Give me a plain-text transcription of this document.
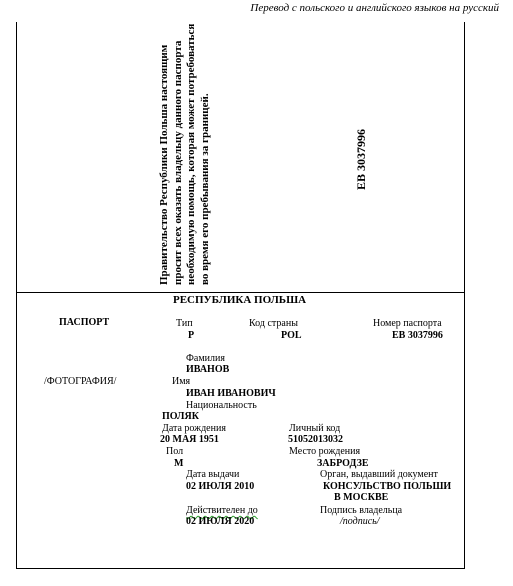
Перевод с польского и английского языков на русский
Правительство Республики Польша настоящим просит всех оказать владельцу данного паспорта необходимую помощь, которая может потребоваться во время его пребывания за границей.	EB 3037996
РЕСПУБЛИКА ПОЛЬША
ПАСПОРТ	Тип
P
Код страны
POL
Номер паспорта
EB 3037996
Фамилия
ИВАНОВ
/ФОТОГРАФИЯ/	Имя
ИВАН ИВАНОВИЧ
Национальность
ПОЛЯК
Дата рождения
20 МАЯ 1951
Личный код
51052013032
Пол
M
Место рождения
ЗАБРОДЗЕ
Дата выдачи
02 ИЮЛЯ 2010
Орган, выдавший документ
КОНСУЛЬСТВО ПОЛЬШИ
В МОСКВЕ
Действителен до
02 ИЮЛЯ 2020
Подпись владельца
/подпись/
